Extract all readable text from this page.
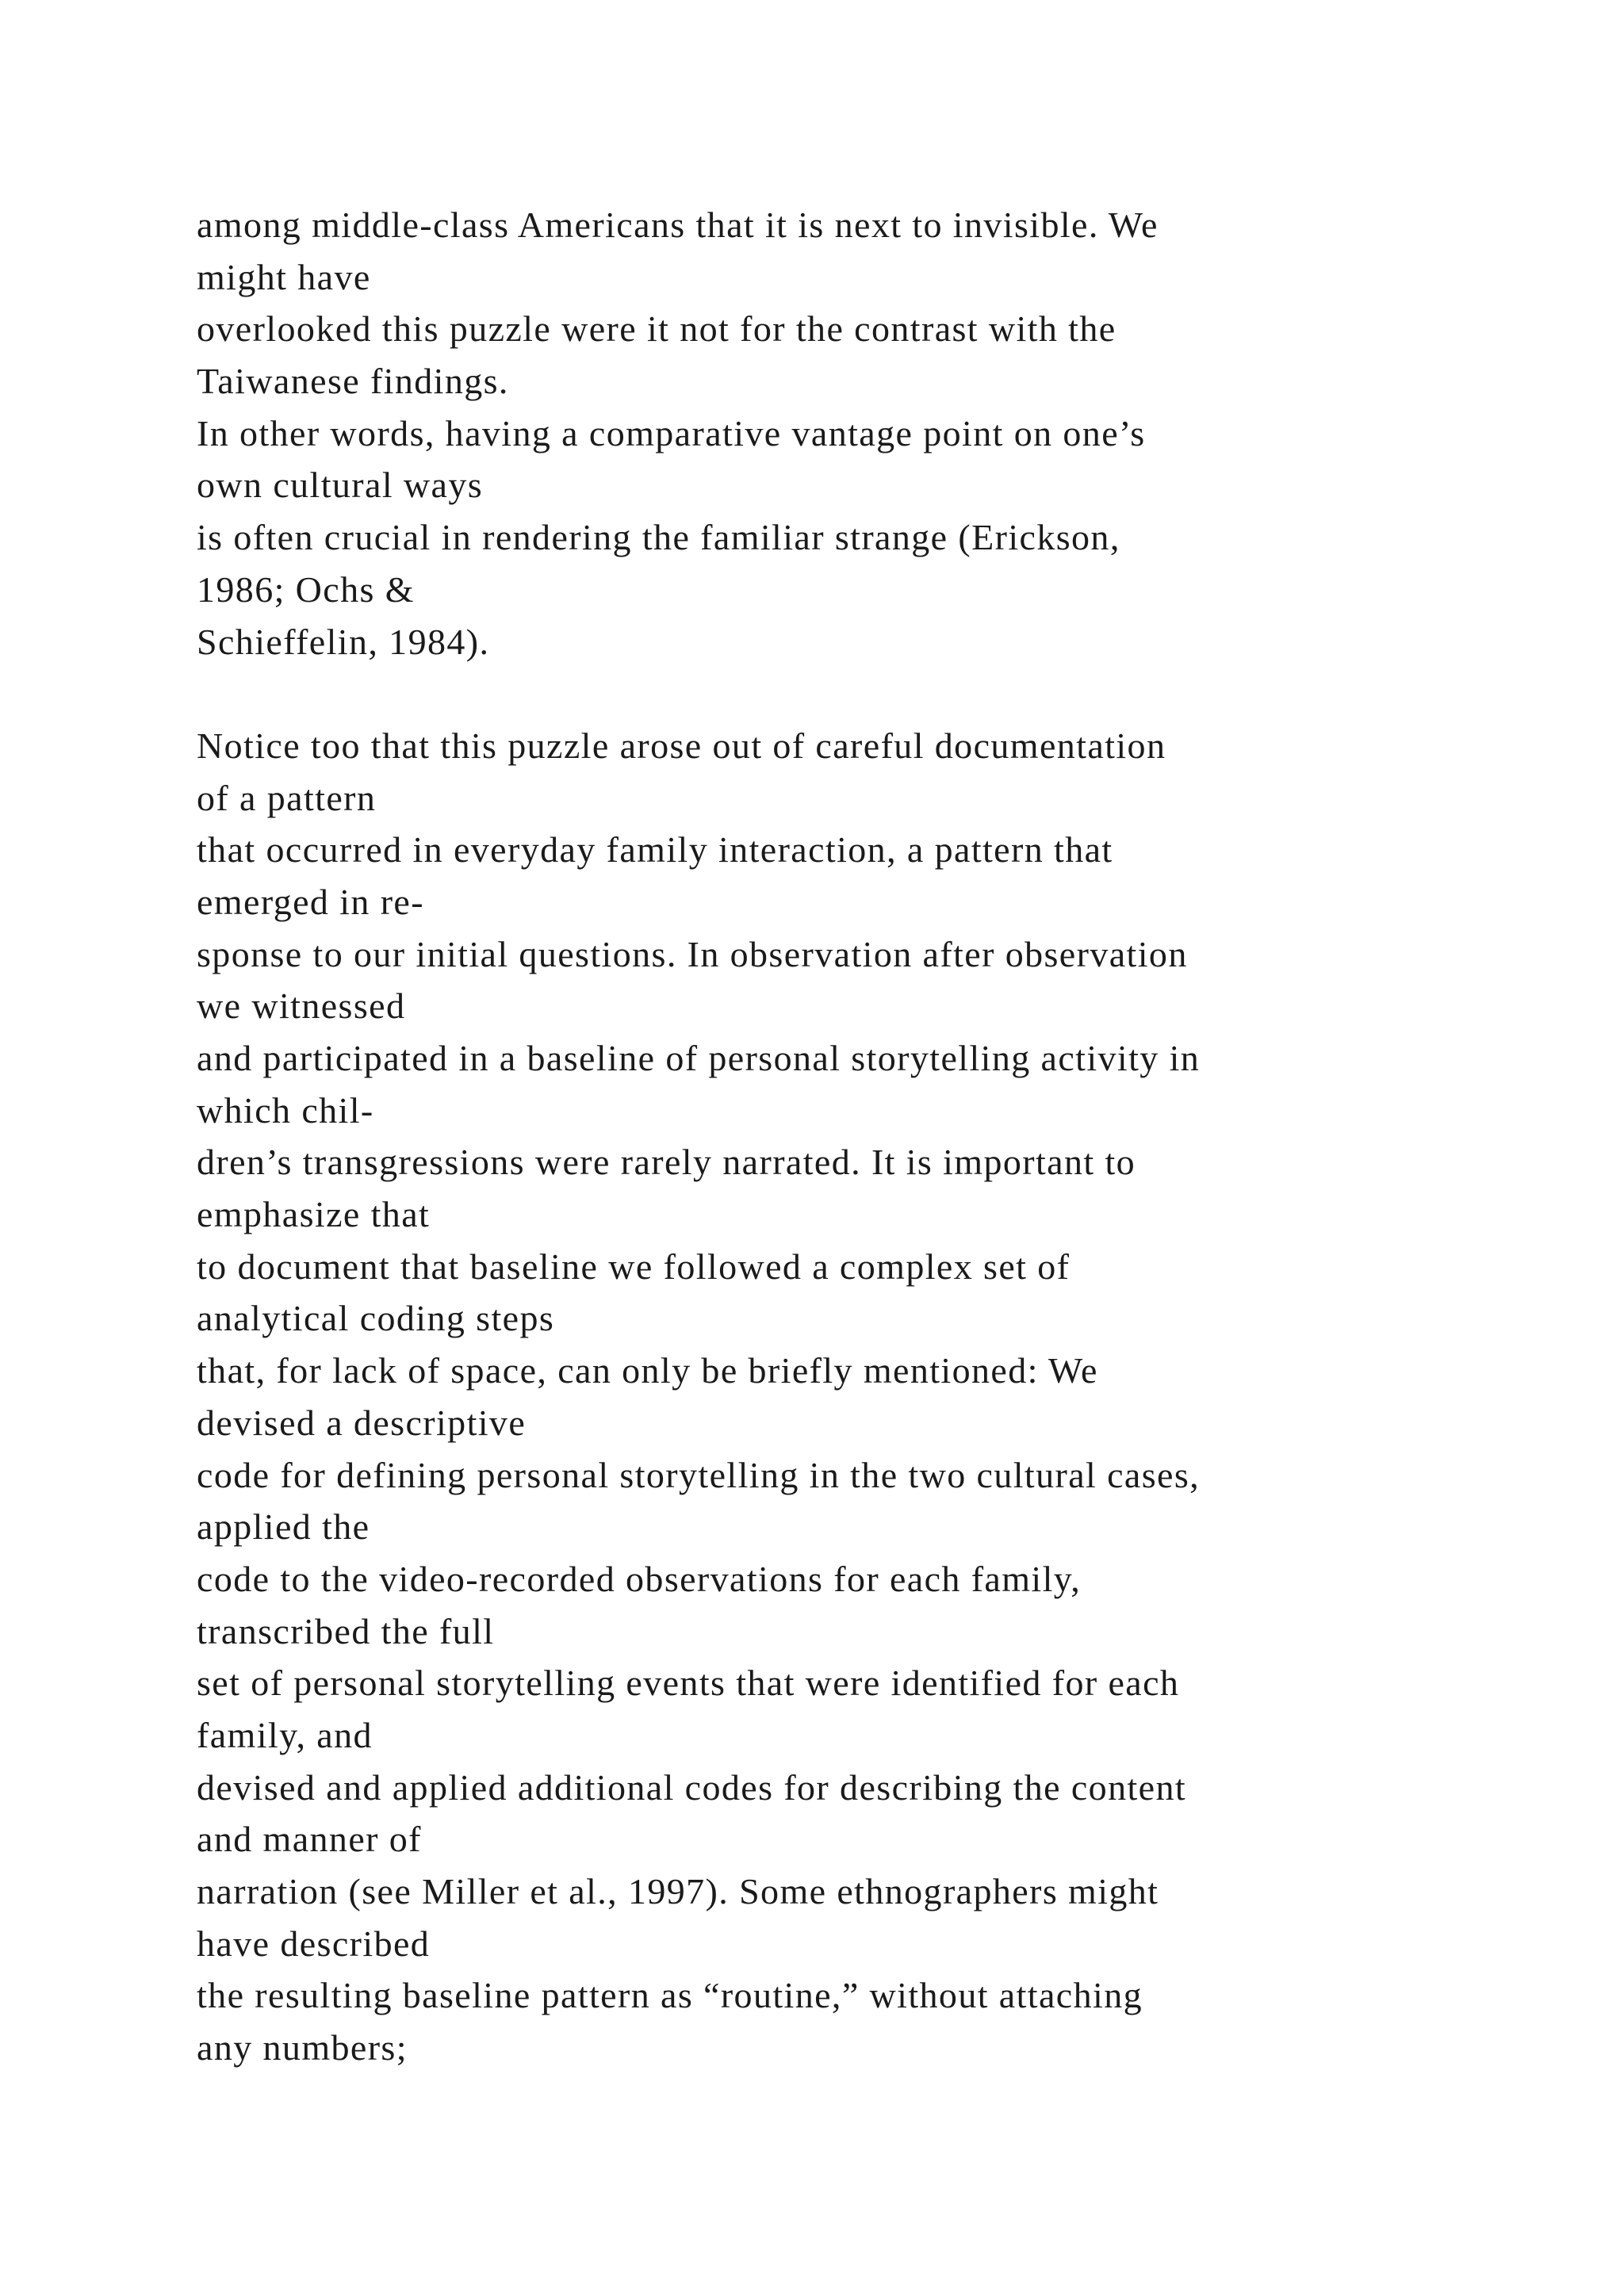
among middle-class Americans that it is next to invisible. We
might have
overlooked this puzzle were it not for the contrast with the
Taiwanese findings.
In other words, having a comparative vantage point on one’s
own cultural ways
is often crucial in rendering the familiar strange (Erickson,
1986; Ochs &
Schieffelin, 1984).
Notice too that this puzzle arose out of careful documentation
of a pattern
that occurred in everyday family interaction, a pattern that
emerged in re-
sponse to our initial questions. In observation after observation
we witnessed
and participated in a baseline of personal storytelling activity in
which chil-
dren’s transgressions were rarely narrated. It is important to
emphasize that
to document that baseline we followed a complex set of
analytical coding steps
that, for lack of space, can only be briefly mentioned: We
devised a descriptive
code for defining personal storytelling in the two cultural cases,
applied the
code to the video-recorded observations for each family,
transcribed the full
set of personal storytelling events that were identified for each
family, and
devised and applied additional codes for describing the content
and manner of
narration (see Miller et al., 1997). Some ethnographers might
have described
the resulting baseline pattern as “routine,” without attaching
any numbers;
